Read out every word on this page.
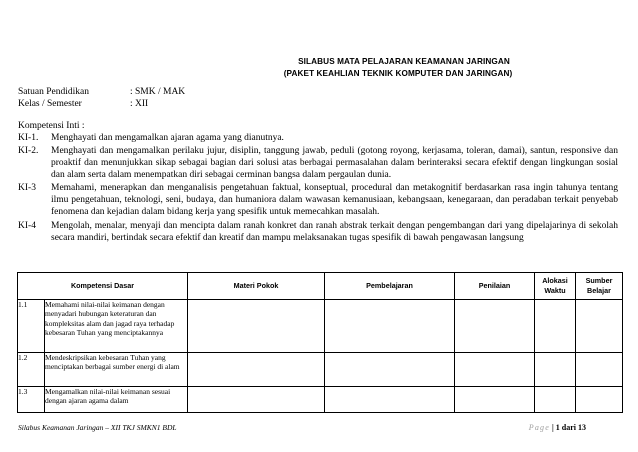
SILABUS MATA PELAJARAN KEAMANAN JARINGAN
(PAKET KEAHLIAN TEKNIK KOMPUTER DAN JARINGAN)
Satuan Pendidikan	: SMK / MAK
Kelas / Semester	: XII
Kompetensi Inti :
KI-1. Menghayati dan mengamalkan ajaran agama yang dianutnya.
KI-2. Menghayati dan mengamalkan perilaku jujur, disiplin, tanggung jawab, peduli (gotong royong, kerjasama, toleran, damai), santun, responsive dan proaktif dan menunjukkan sikap sebagai bagian dari solusi atas berbagai permasalahan dalam berinteraksi secara efektif dengan lingkungan sosial dan alam serta dalam menempatkan diri sebagai cerminan bangsa dalam pergaulan dunia.
KI-3 Memahami, menerapkan dan menganalisis pengetahuan faktual, konseptual, procedural dan metakognitif berdasarkan rasa ingin tahunya tentang ilmu pengetahuan, teknologi, seni, budaya, dan humaniora dalam wawasan kemanusiaan, kebangsaan, kenegaraan, dan peradaban terkait penyebab fenomena dan kejadian dalam bidang kerja yang spesifik untuk memecahkan masalah.
KI-4 Mengolah, menalar, menyaji dan mencipta dalam ranah konkret dan ranah abstrak terkait dengan pengembangan dari yang dipelajarinya di sekolah secara mandiri, bertindak secara efektif dan kreatif dan mampu melaksanakan tugas spesifik di bawah pengawasan langsung
Kompetensi Dasar		Materi Pokok	Pembelajaran	Penilaian	Alokasi Waktu	Sumber Belajar
1.1	Memahami nilai-nilai keimanan dengan menyadari hubungan keteraturan dan kompleksitas alam dan jagad raya terhadap kebesaran Tuhan yang menciptakannya					
1.2	Mendeskripsikan kebesaran Tuhan yang menciptakan berbagai sumber energi di alam					
1.3	Mengamalkan nilai-nilai keimanan sesuai dengan ajaran agama dalam					
Silabus Keamanan Jaringan – XII TKJ SMKN1 BDL	Page | 1 dari 13
